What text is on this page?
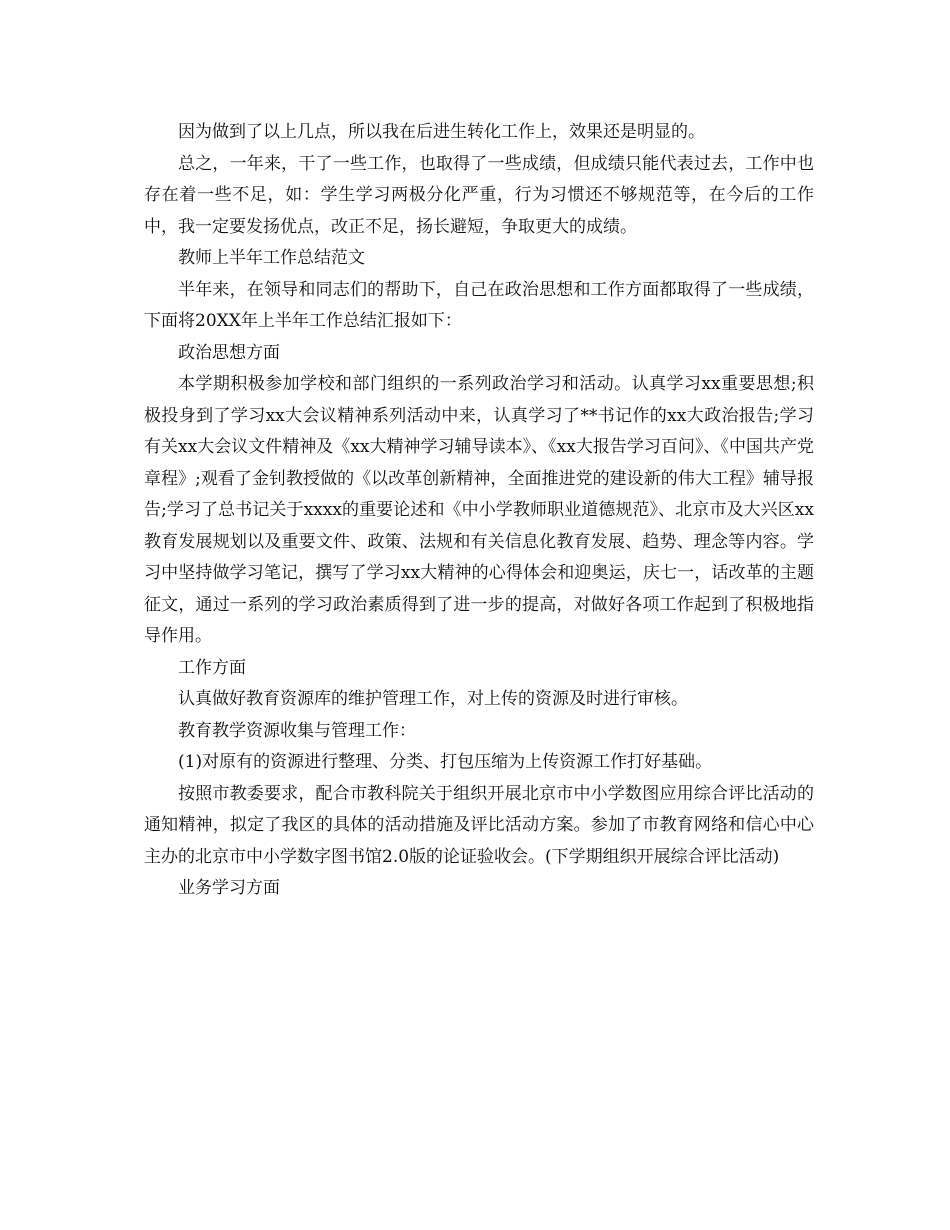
因为做到了以上几点，所以我在后进生转化工作上，效果还是明显的。

总之，一年来，干了一些工作，也取得了一些成绩，但成绩只能代表过去，工作中也存在着一些不足，如：学生学习两极分化严重，行为习惯还不够规范等，在今后的工作中，我一定要发扬优点，改正不足，扬长避短，争取更大的成绩。

教师上半年工作总结范文

半年来，在领导和同志们的帮助下，自己在政治思想和工作方面都取得了一些成绩，下面将20XX年上半年工作总结汇报如下：

政治思想方面

本学期积极参加学校和部门组织的一系列政治学习和活动。认真学习xx重要思想;积极投身到了学习xx大会议精神系列活动中来，认真学习了**书记作的xx大政治报告;学习有关xx大会议文件精神及《xx大精神学习辅导读本》、《xx大报告学习百问》、《中国共产党章程》;观看了金钊教授做的《以改革创新精神，全面推进党的建设新的伟大工程》辅导报告;学习了总书记关于xxxx的重要论述和《中小学教师职业道德规范》、北京市及大兴区xx教育发展规划以及重要文件、政策、法规和有关信息化教育发展、趋势、理念等内容。学习中坚持做学习笔记，撰写了学习xx大精神的心得体会和迎奥运，庆七一，话改革的主题征文，通过一系列的学习政治素质得到了进一步的提高，对做好各项工作起到了积极地指导作用。

工作方面

认真做好教育资源库的维护管理工作，对上传的资源及时进行审核。

教育教学资源收集与管理工作：

(1)对原有的资源进行整理、分类、打包压缩为上传资源工作打好基础。

按照市教委要求，配合市教科院关于组织开展北京市中小学数图应用综合评比活动的通知精神，拟定了我区的具体的活动措施及评比活动方案。参加了市教育网络和信心中心主办的北京市中小学数字图书馆2.0版的论证验收会。(下学期组织开展综合评比活动)

业务学习方面
